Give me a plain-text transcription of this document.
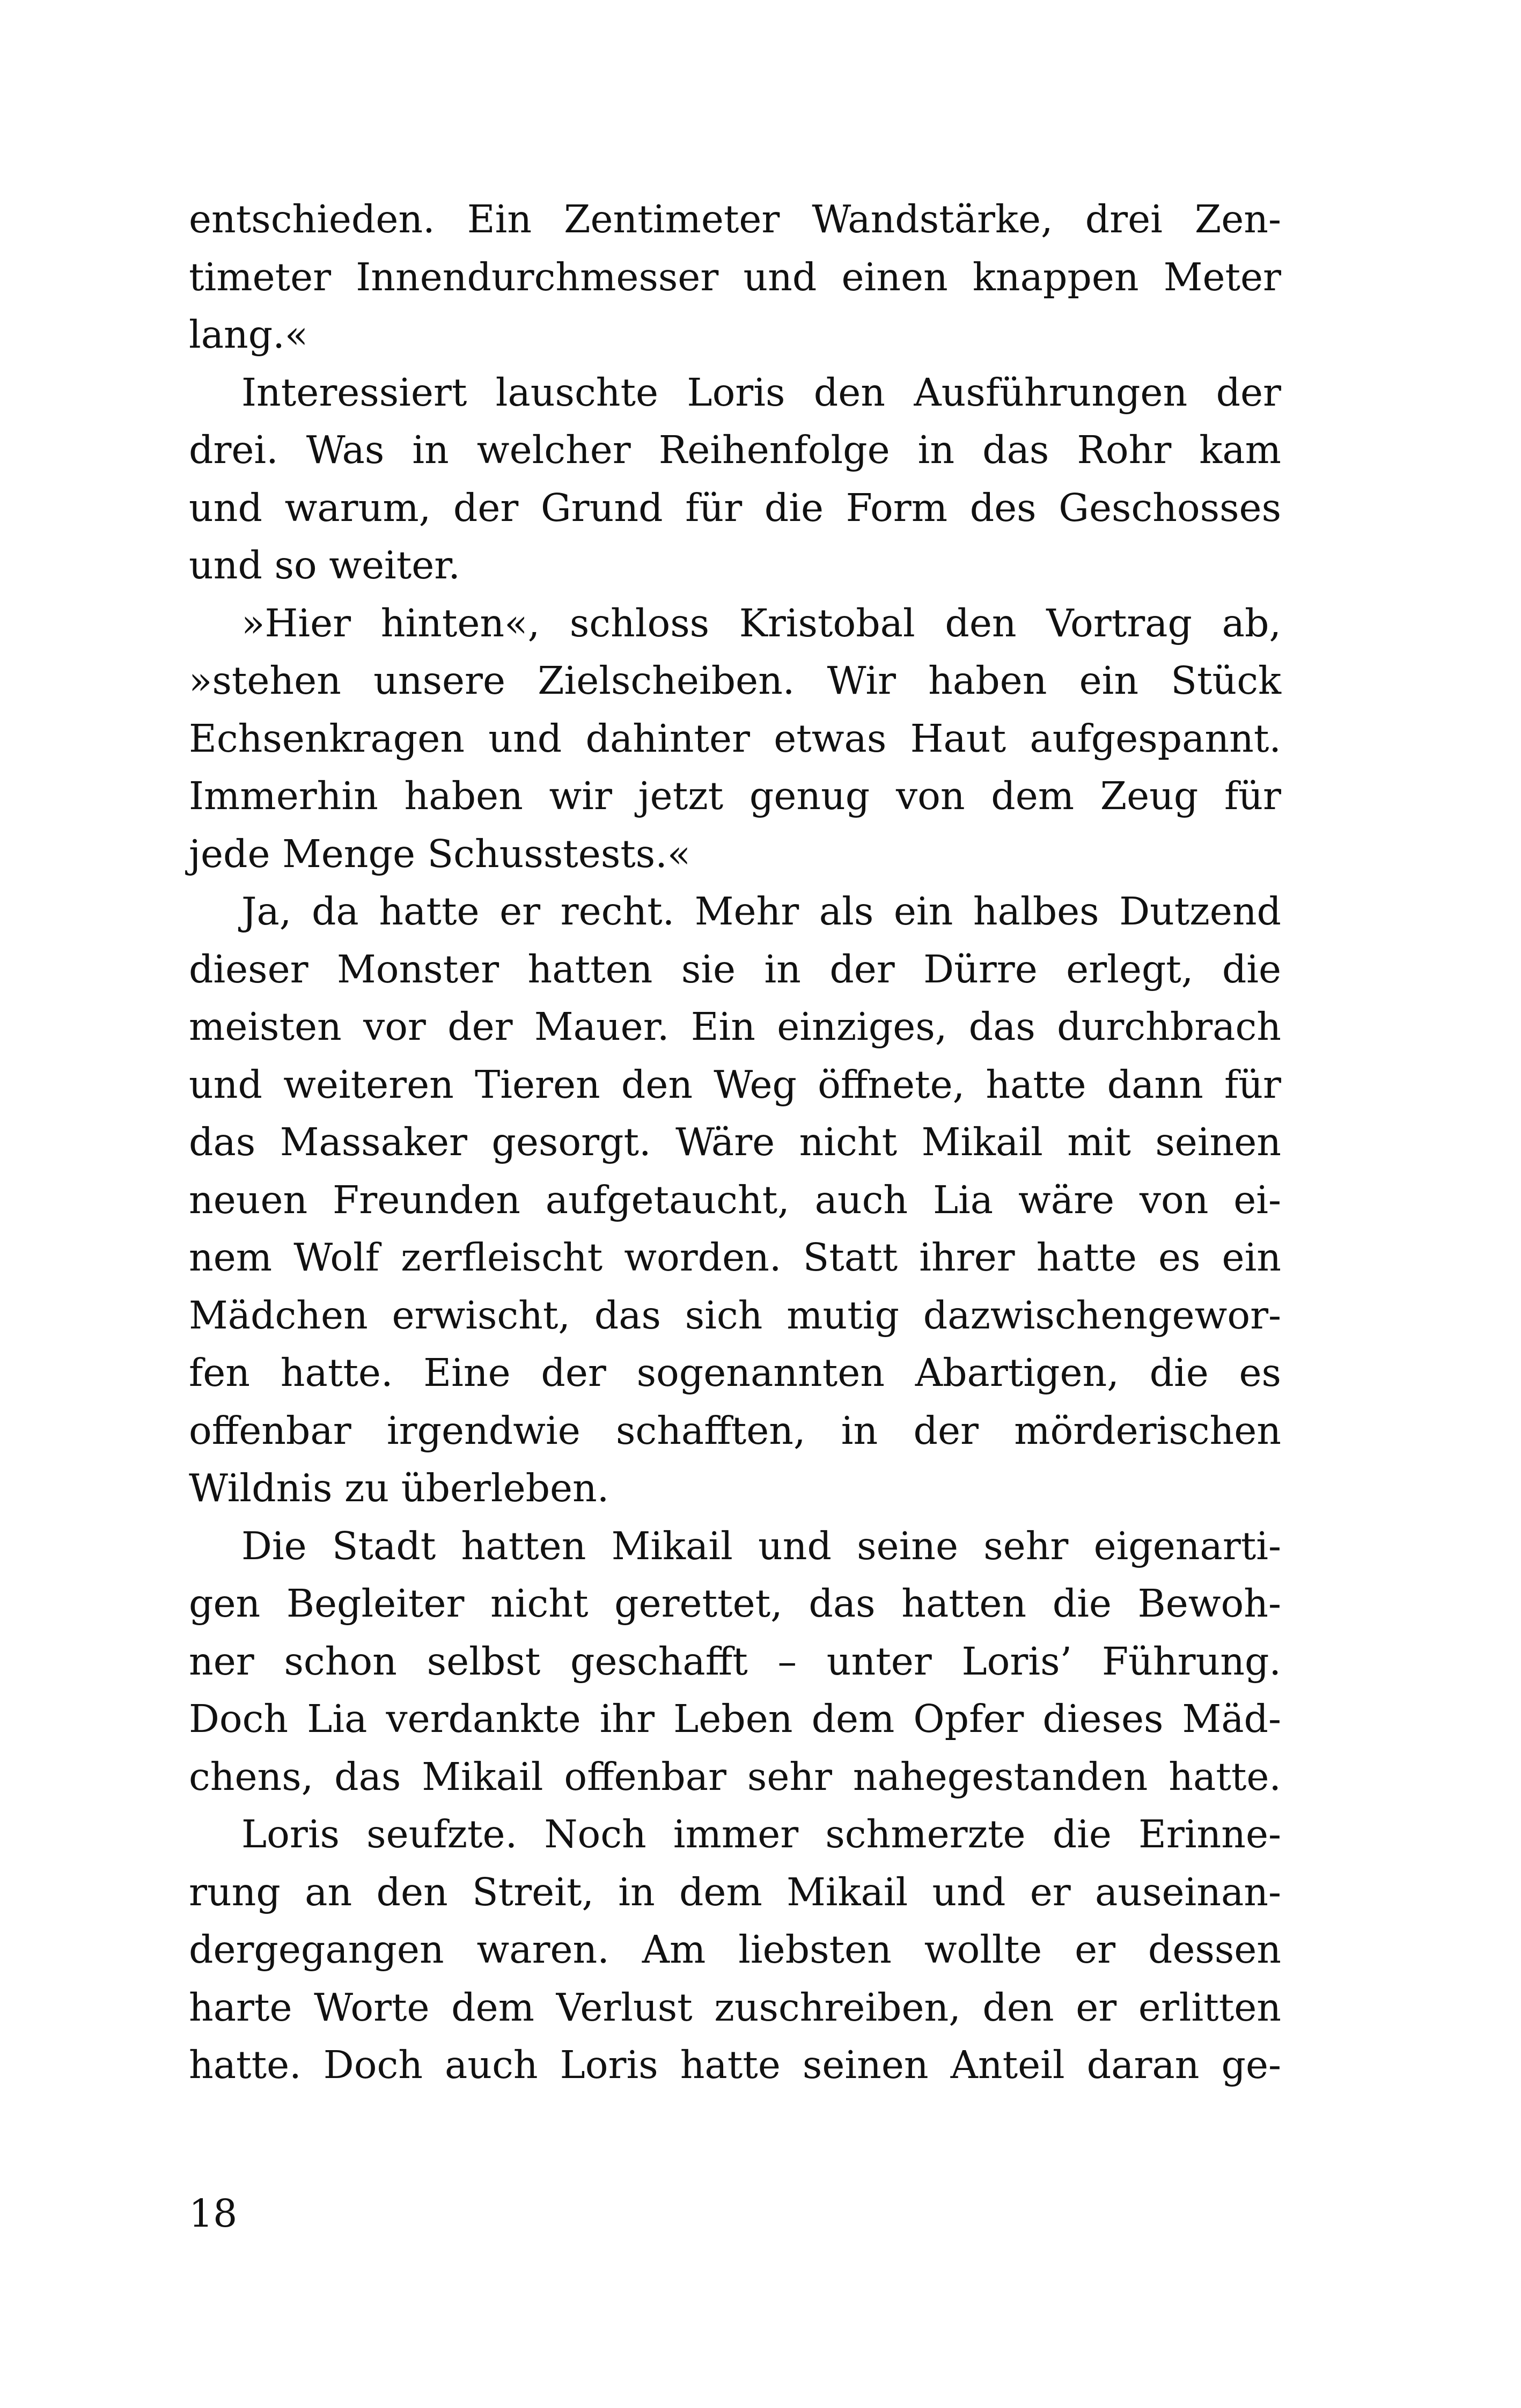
entschieden. Ein Zentimeter Wandstärke, drei Zen-
timeter Innendurchmesser und einen knappen Meter
lang.«
Interessiert lauschte Loris den Ausführungen der
drei. Was in welcher Reihenfolge in das Rohr kam
und warum, der Grund für die Form des Geschosses
und so weiter.
»Hier hinten«, schloss Kristobal den Vortrag ab,
»stehen unsere Zielscheiben. Wir haben ein Stück
Echsenkragen und dahinter etwas Haut aufgespannt.
Immerhin haben wir jetzt genug von dem Zeug für
jede Menge Schusstests.«
Ja, da hatte er recht. Mehr als ein halbes Dutzend
dieser Monster hatten sie in der Dürre erlegt, die
meisten vor der Mauer. Ein einziges, das durchbrach
und weiteren Tieren den Weg öffnete, hatte dann für
das Massaker gesorgt. Wäre nicht Mikail mit seinen
neuen Freunden aufgetaucht, auch Lia wäre von ei-
nem Wolf zerfleischt worden. Statt ihrer hatte es ein
Mädchen erwischt, das sich mutig dazwischengewor-
fen hatte. Eine der sogenannten Abartigen, die es
offenbar irgendwie schafften, in der mörderischen
Wildnis zu überleben.
Die Stadt hatten Mikail und seine sehr eigenarti-
gen Begleiter nicht gerettet, das hatten die Bewoh-
ner schon selbst geschafft – unter Loris’ Führung.
Doch Lia verdankte ihr Leben dem Opfer dieses Mäd-
chens, das Mikail offenbar sehr nahegestanden hatte.
Loris seufzte. Noch immer schmerzte die Erinne-
rung an den Streit, in dem Mikail und er auseinan-
dergegangen waren. Am liebsten wollte er dessen
harte Worte dem Verlust zuschreiben, den er erlitten
hatte. Doch auch Loris hatte seinen Anteil daran ge-
18
